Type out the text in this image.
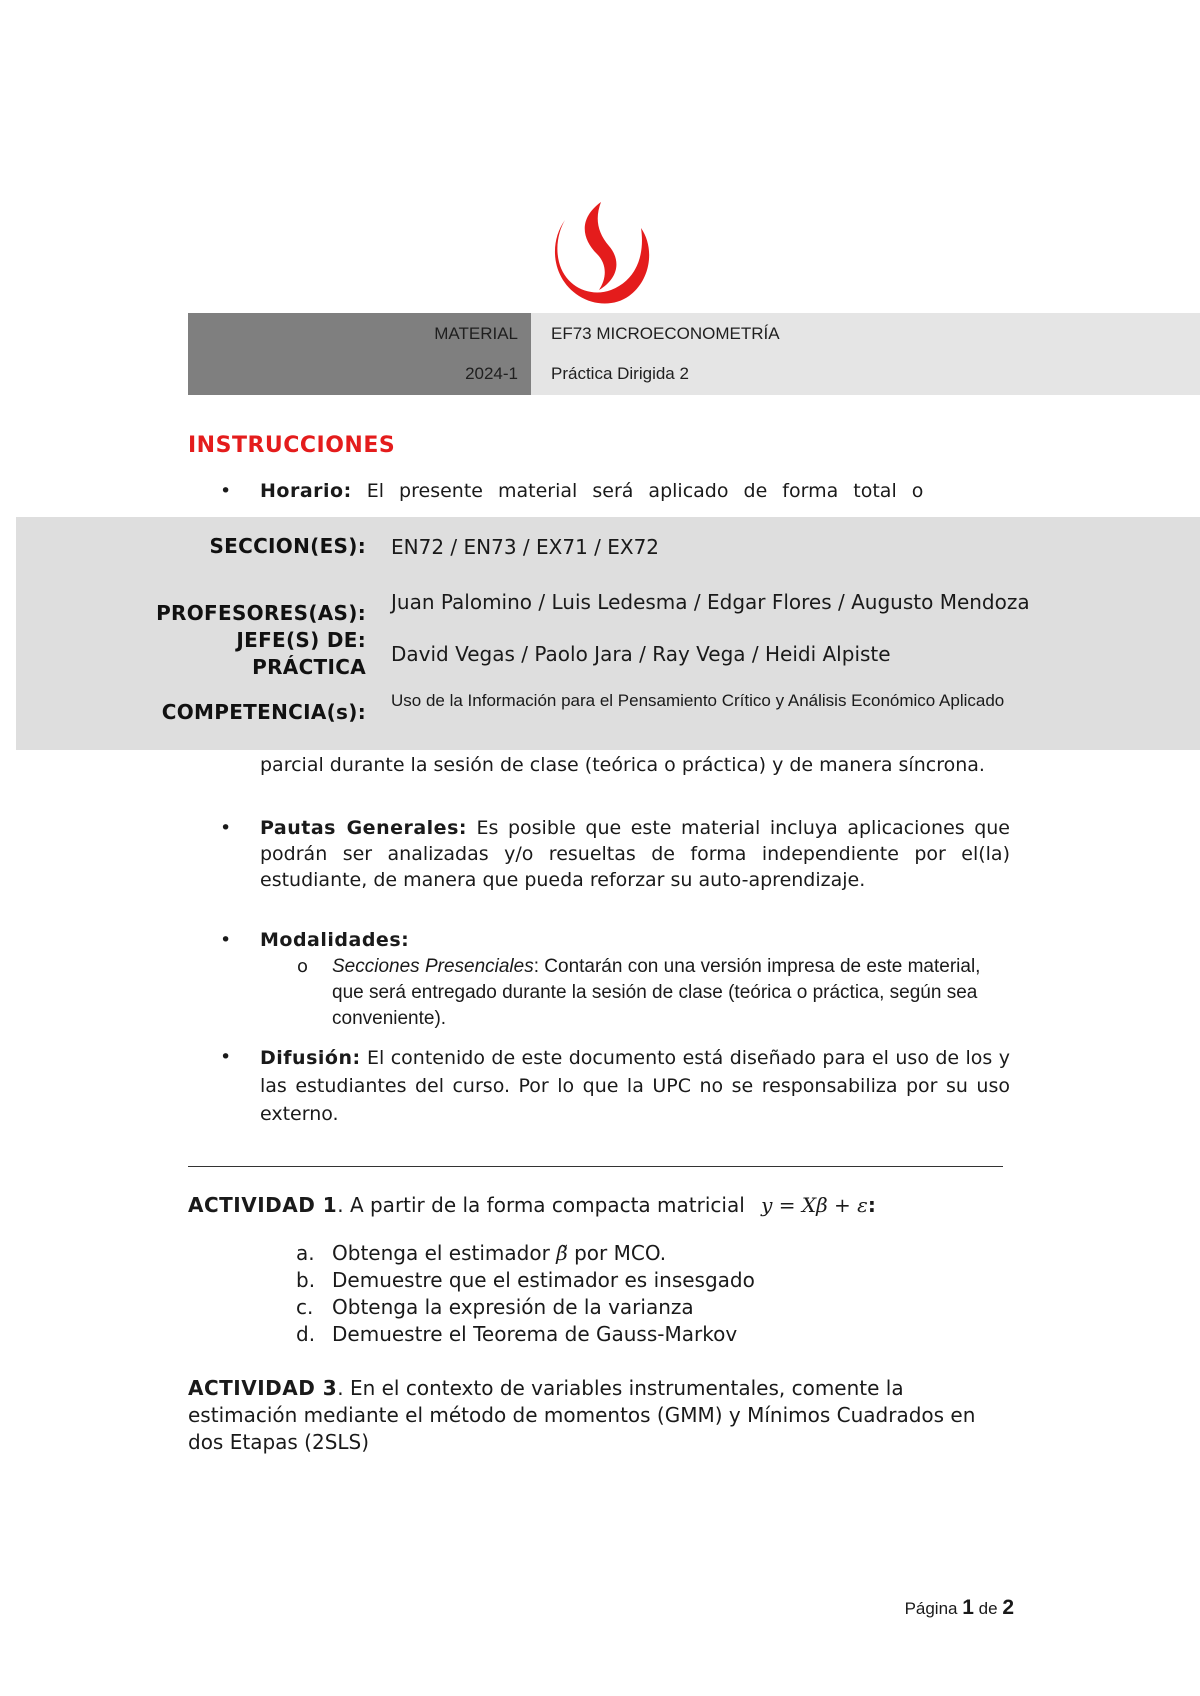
MATERIAL EF73 MICROECONOMETRÍA
2024-1 Práctica Dirigida 2
INSTRUCCIONES
• Horario: El presente material será aplicado de forma total o
SECCION(ES): EN72 / EN73 / EX71 / EX72
PROFESORES(AS): Juan Palomino / Luis Ledesma / Edgar Flores / Augusto Mendoza
JEFE(S) DE:
PRÁCTICA
David Vegas / Paolo Jara / Ray Vega / Heidi Alpiste
COMPETENCIA(s): Uso de la Información para el Pensamiento Crítico y Análisis Económico Aplicado
parcial durante la sesión de clase (teórica o práctica) y de manera síncrona.
• Pautas Generales: Es posible que este material incluya aplicaciones que podrán ser analizadas y/o resueltas de forma independiente por el(la) estudiante, de manera que pueda reforzar su auto-aprendizaje.
• Modalidades:
o Secciones Presenciales: Contarán con una versión impresa de este material, que será entregado durante la sesión de clase (teórica o práctica, según sea conveniente).
• Difusión: El contenido de este documento está diseñado para el uso de los y las estudiantes del curso. Por lo que la UPC no se responsabiliza por su uso externo.
ACTIVIDAD 1. A partir de la forma compacta matricial y = Xβ + ε:
a. Obtenga el estimador β̃ por MCO.
b. Demuestre que el estimador es insesgado
c. Obtenga la expresión de la varianza
d. Demuestre el Teorema de Gauss-Markov
ACTIVIDAD 3. En el contexto de variables instrumentales, comente la estimación mediante el método de momentos (GMM) y Mínimos Cuadrados en dos Etapas (2SLS)
Página 1 de 2
